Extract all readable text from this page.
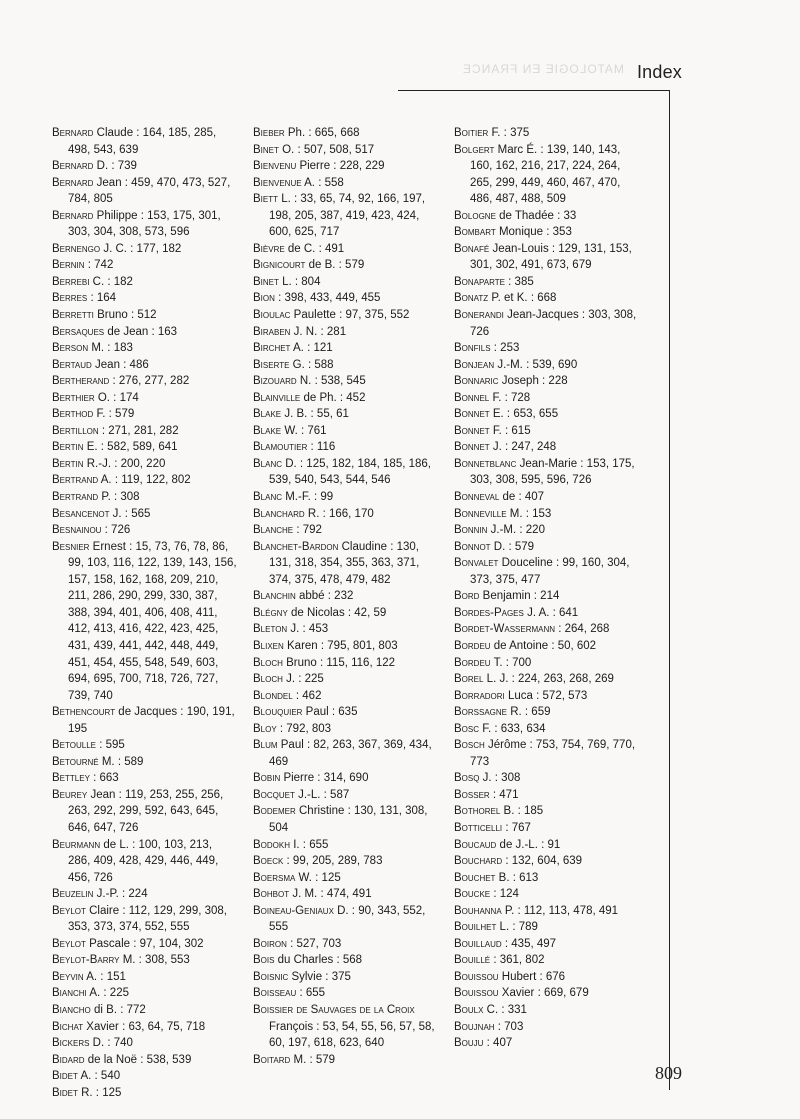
MATOLOGIE EN FRANCE Index
Bernard Claude : 164, 185, 285, 498, 543, 639
Bernard D. : 739
Bernard Jean : 459, 470, 473, 527, 784, 805
Bernard Philippe : 153, 175, 301, 303, 304, 308, 573, 596
Bernengo J. C. : 177, 182
Bernin : 742
Berrebi C. : 182
Berres : 164
Berretti Bruno : 512
Bersaques de Jean : 163
Berson M. : 183
Bertaud Jean : 486
Bertherand : 276, 277, 282
Berthier O. : 174
Berthod F. : 579
Bertillon : 271, 281, 282
Bertin E. : 582, 589, 641
Bertin R.-J. : 200, 220
Bertrand A. : 119, 122, 802
Bertrand P. : 308
Besancenot J. : 565
Besnainou : 726
Besnier Ernest : 15, 73, 76, 78, 86, 99, 103, 116, 122, 139, 143, 156, 157, 158, 162, 168, 209, 210, 211, 286, 290, 299, 330, 387, 388, 394, 401, 406, 408, 411, 412, 413, 416, 422, 423, 425, 431, 439, 441, 442, 448, 449, 451, 454, 455, 548, 549, 603, 694, 695, 700, 718, 726, 727, 739, 740
Bethencourt de Jacques : 190, 191, 195
Betoulle : 595
Betourné M. : 589
Bettley : 663
Beurey Jean : 119, 253, 255, 256, 263, 292, 299, 592, 643, 645, 646, 647, 726
Beurmann de L. : 100, 103, 213, 286, 409, 428, 429, 446, 449, 456, 726
Beuzelin J.-P. : 224
Beylot Claire : 112, 129, 299, 308, 353, 373, 374, 552, 555
Beylot Pascale : 97, 104, 302
Beylot-Barry M. : 308, 553
Beyvin A. : 151
Bianchi A. : 225
Biancho di B. : 772
Bichat Xavier : 63, 64, 75, 718
Bickers D. : 740
Bidard de la Noë : 538, 539
Bidet A. : 540
Bidet R. : 125
Bieber Ph. : 665, 668
Binet O. : 507, 508, 517
Bienvenu Pierre : 228, 229
Bienvenue A. : 558
Biett L. : 33, 65, 74, 92, 166, 197, 198, 205, 387, 419, 423, 424, 600, 625, 717
Bièvre de C. : 491
Bignicourt de B. : 579
Binet L. : 804
Bion : 398, 433, 449, 455
Bioulac Paulette : 97, 375, 552
Biraben J. N. : 281
Birchet A. : 121
Biserte G. : 588
Bizouard N. : 538, 545
Blainville de Ph. : 452
Blake J. B. : 55, 61
Blake W. : 761
Blamoutier : 116
Blanc D. : 125, 182, 184, 185, 186, 539, 540, 543, 544, 546
Blanc M.-F. : 99
Blanchard R. : 166, 170
Blanche : 792
Blanchet-Bardon Claudine : 130, 131, 318, 354, 355, 363, 371, 374, 375, 478, 479, 482
Blanchin abbé : 232
Blégny de Nicolas : 42, 59
Bleton J. : 453
Blixen Karen : 795, 801, 803
Bloch Bruno : 115, 116, 122
Bloch J. : 225
Blondel : 462
Blouquier Paul : 635
Bloy : 792, 803
Blum Paul : 82, 263, 367, 369, 434, 469
Bobin Pierre : 314, 690
Bocquet J.-L. : 587
Bodemer Christine : 130, 131, 308, 504
Bodokh I. : 655
Boeck : 99, 205, 289, 783
Boersma W. : 125
Bohbot J. M. : 474, 491
Boineau-Geniaux D. : 90, 343, 552, 555
Boiron : 527, 703
Bois du Charles : 568
Boisnic Sylvie : 375
Boisseau : 655
Boissier de Sauvages de la Croix François : 53, 54, 55, 56, 57, 58, 60, 197, 618, 623, 640
Boitard M. : 579
Boitier F. : 375
Bolgert Marc É. : 139, 140, 143, 160, 162, 216, 217, 224, 264, 265, 299, 449, 460, 467, 470, 486, 487, 488, 509
Bologne de Thadée : 33
Bombart Monique : 353
Bonafé Jean-Louis : 129, 131, 153, 301, 302, 491, 673, 679
Bonaparte : 385
Bonatz P. et K. : 668
Bonerandi Jean-Jacques : 303, 308, 726
Bonfils : 253
Bonjean J.-M. : 539, 690
Bonnaric Joseph : 228
Bonnel F. : 728
Bonnet E. : 653, 655
Bonnet F. : 615
Bonnet J. : 247, 248
Bonnetblanc Jean-Marie : 153, 175, 303, 308, 595, 596, 726
Bonneval de : 407
Bonneville M. : 153
Bonnin J.-M. : 220
Bonnot D. : 579
Bonvalet Douceline : 99, 160, 304, 373, 375, 477
Bord Benjamin : 214
Bordes-Pages J. A. : 641
Bordet-Wassermann : 264, 268
Bordeu de Antoine : 50, 602
Bordeu T. : 700
Borel L. J. : 224, 263, 268, 269
Borradori Luca : 572, 573
Borssagne R. : 659
Bosc F. : 633, 634
Bosch Jérôme : 753, 754, 769, 770, 773
Bosq J. : 308
Bosser : 471
Bothorel B. : 185
Botticelli : 767
Boucaud de J.-L. : 91
Bouchard : 132, 604, 639
Bouchet B. : 613
Boucke : 124
Bouhanna P. : 112, 113, 478, 491
Bouilhet L. : 789
Bouillaud : 435, 497
Bouillé : 361, 802
Bouissou Hubert : 676
Bouissou Xavier : 669, 679
Boulx C. : 331
Boujnah : 703
Bouju : 407
809
